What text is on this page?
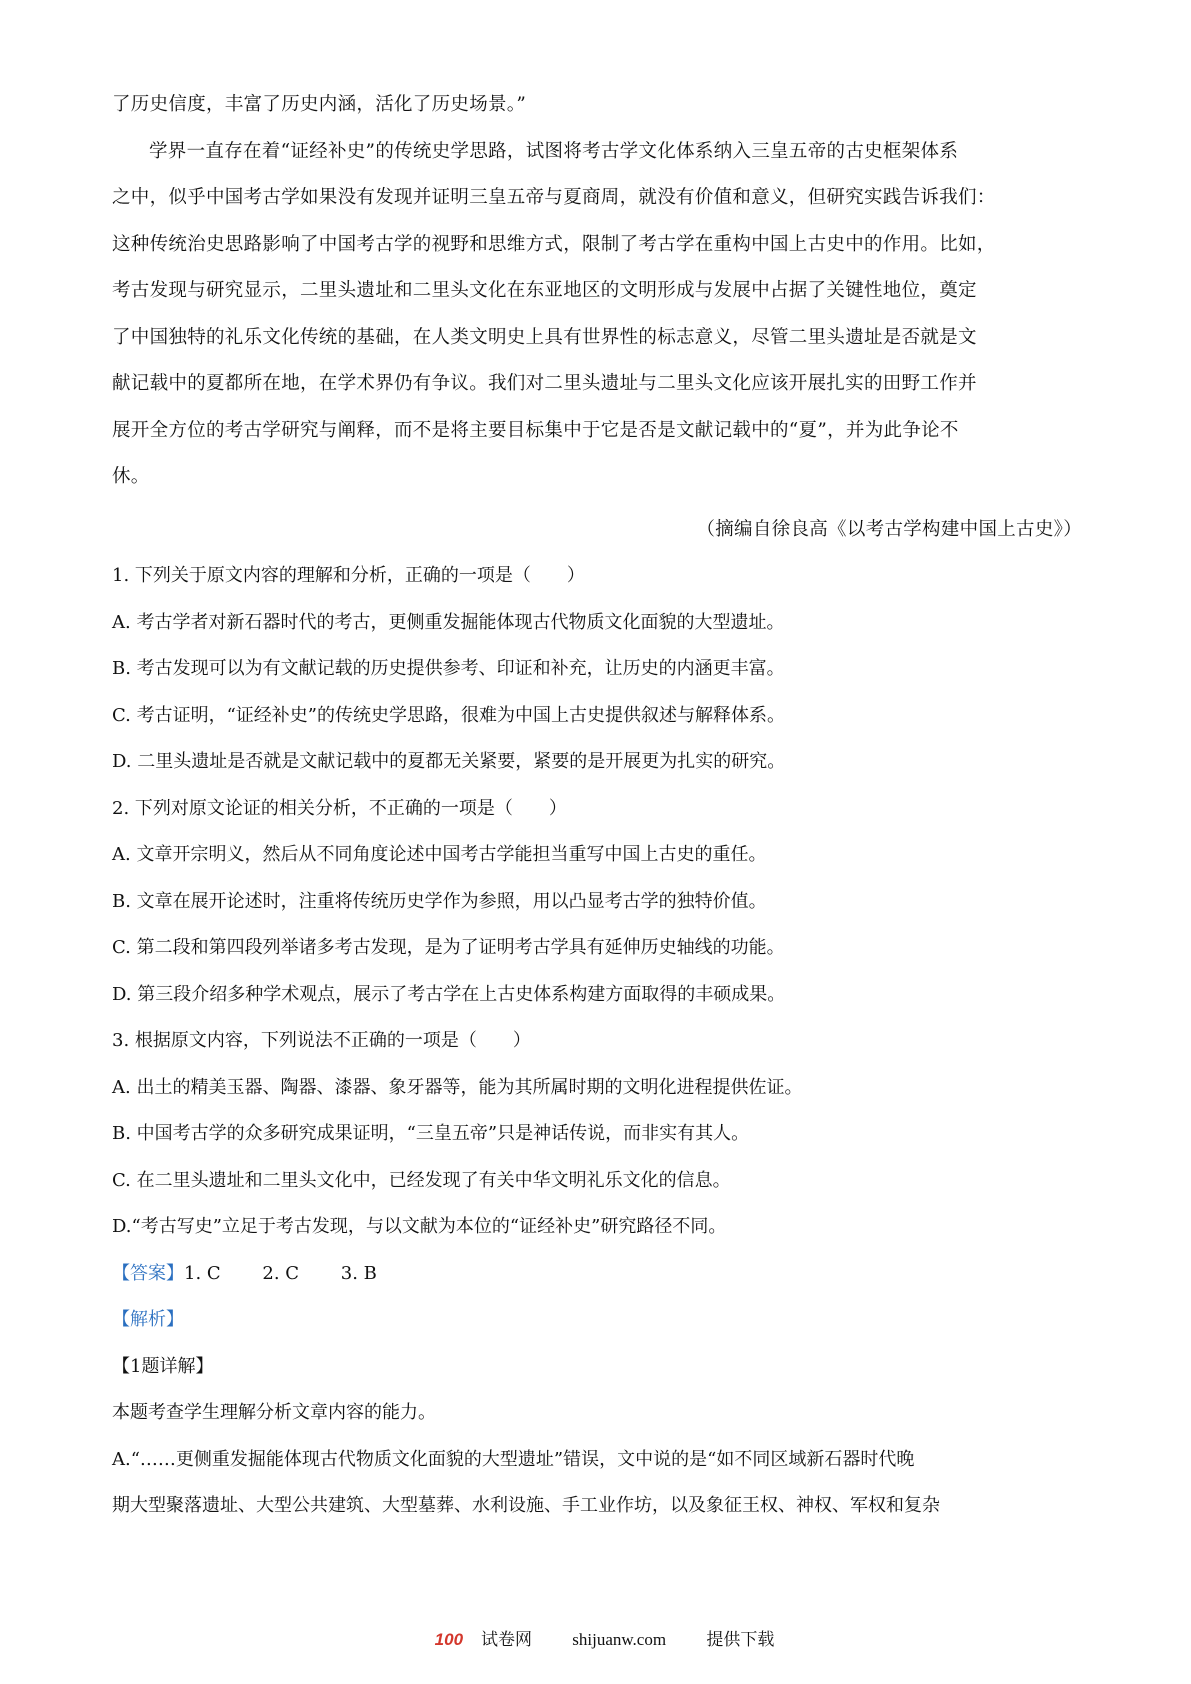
了历史信度，丰富了历史内涵，活化了历史场景。”
学界一直存在着“证经补史”的传统史学思路，试图将考古学文化体系纳入三皇五帝的古史框架体系
之中，似乎中国考古学如果没有发现并证明三皇五帝与夏商周，就没有价值和意义，但研究实践告诉我们：
这种传统治史思路影响了中国考古学的视野和思维方式，限制了考古学在重构中国上古史中的作用。比如，
考古发现与研究显示，二里头遗址和二里头文化在东亚地区的文明形成与发展中占据了关键性地位，奠定
了中国独特的礼乐文化传统的基础，在人类文明史上具有世界性的标志意义，尽管二里头遗址是否就是文
献记载中的夏都所在地，在学术界仍有争议。我们对二里头遗址与二里头文化应该开展扎实的田野工作并
展开全方位的考古学研究与阐释，而不是将主要目标集中于它是否是文献记载中的“夏”，并为此争论不
休。
（摘编自徐良高《以考古学构建中国上古史》）
1. 下列关于原文内容的理解和分析，正确的一项是（　　）
A. 考古学者对新石器时代的考古，更侧重发掘能体现古代物质文化面貌的大型遗址。
B. 考古发现可以为有文献记载的历史提供参考、印证和补充，让历史的内涵更丰富。
C. 考古证明，“证经补史”的传统史学思路，很难为中国上古史提供叙述与解释体系。
D. 二里头遗址是否就是文献记载中的夏都无关紧要，紧要的是开展更为扎实的研究。
2. 下列对原文论证的相关分析，不正确的一项是（　　）
A. 文章开宗明义，然后从不同角度论述中国考古学能担当重写中国上古史的重任。
B. 文章在展开论述时，注重将传统历史学作为参照，用以凸显考古学的独特价值。
C. 第二段和第四段列举诸多考古发现，是为了证明考古学具有延伸历史轴线的功能。
D. 第三段介绍多种学术观点，展示了考古学在上古史体系构建方面取得的丰硕成果。
3. 根据原文内容，下列说法不正确的一项是（　　）
A. 出土的精美玉器、陶器、漆器、象牙器等，能为其所属时期的文明化进程提供佐证。
B. 中国考古学的众多研究成果证明，“三皇五帝”只是神话传说，而非实有其人。
C. 在二里头遗址和二里头文化中，已经发现了有关中华文明礼乐文化的信息。
D.“考古写史”立足于考古发现，与以文献为本位的“证经补史”研究路径不同。
【答案】1. C　　 2. C　　 3. B
【解析】
【1题详解】
本题考查学生理解分析文章内容的能力。
A.“……更侧重发掘能体现古代物质文化面貌的大型遗址”错误，文中说的是“如不同区域新石器时代晚
期大型聚落遗址、大型公共建筑、大型墓葬、水利设施、手工业作坊，以及象征王权、神权、军权和复杂
100 试卷网 shijuanw.com 提供下载
